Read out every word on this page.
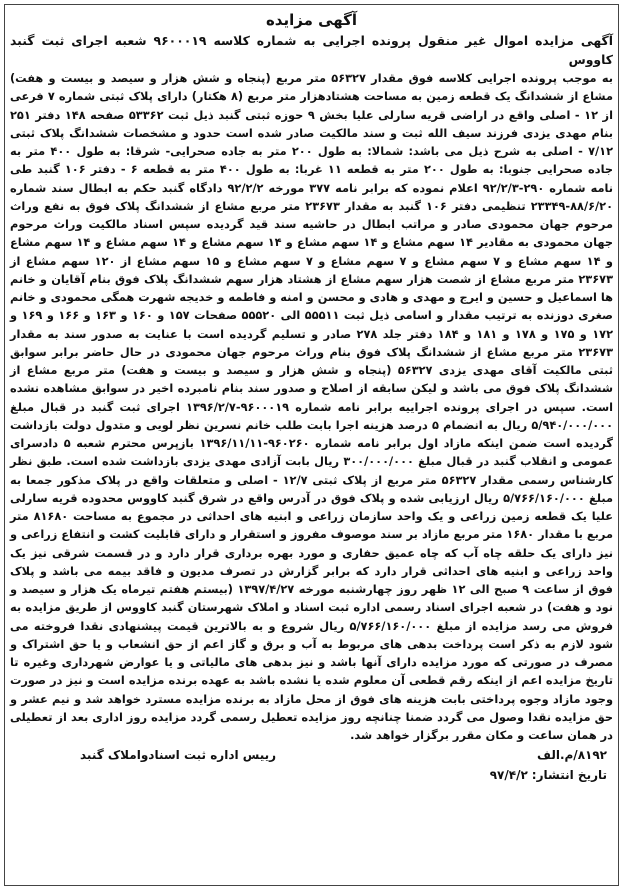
آگهی مزایده

آگهی مزایده اموال غیر منقول پرونده اجرایی به شماره کلاسه ۹۶۰۰۰۱۹ شعبه اجرای ثبت گنبد کاووس

به موجب پرونده اجرایی کلاسه فوق مقدار ۵۶۳۲۷ متر مربع (پنجاه و شش هزار و سیصد و بیست و هفت) مشاع از ششدانگ یک قطعه زمین به مساحت هشتادهزار متر مربع (۸ هکتار) دارای پلاک ثبتی شماره ۷ فرعی از ۱۲ - اصلی واقع در اراضی قریه سارلی علیا بخش ۹ حوزه ثبتی گنبد ذیل ثبت ۵۳۳۶۲ صفحه ۱۴۸ دفتر ۲۵۱ بنام مهدی یزدی فرزند سیف الله ثبت و سند مالکیت صادر شده است حدود و مشخصات ششدانگ پلاک ثبتی ۷/۱۲ - اصلی به شرح ذیل می باشد: شمالا: به طول ۲۰۰ متر به جاده صحرایی- شرقا: به طول ۴۰۰ متر به جاده صحرایی جنوبا: به طول ۲۰۰ متر به قطعه ۱۱ غربا: به طول ۴۰۰ متر به قطعه ۶ - دفتر ۱۰۶ گنبد طی نامه شماره ۲۹۰-۹۲/۲/۳ اعلام نموده که برابر نامه ۳۷۷ مورخه ۹۲/۲/۲ دادگاه گنبد حکم به ابطال سند شماره ۸۸/۶/۲۰-۲۳۳۴۹ تنظیمی دفتر ۱۰۶ گنبد به مقدار ۲۳۶۷۳ متر مربع مشاع از ششدانگ پلاک فوق به نفع وراث مرحوم جهان محمودی صادر و مراتب ابطال در حاشیه سند قید گردیده سپس اسناد مالکیت وراث مرحوم جهان محمودی به مقادیر ۱۴ سهم مشاع و ۱۴ سهم مشاع و ۱۴ سهم مشاع و ۱۴ سهم مشاع و ۱۴ سهم مشاع و ۱۴ سهم مشاع و ۷ سهم مشاع و ۷ سهم مشاع و ۷ سهم مشاع و ۱۵ سهم مشاع از ۱۲۰ سهم مشاع از ۲۳۶۷۳ متر مربع مشاع از شصت هزار سهم مشاع از هشتاد هزار سهم ششدانگ پلاک فوق بنام آقایان و خانم ها اسماعیل و حسین و ایرج و مهدی و هادی و محسن و امنه و فاطمه و خدیجه شهرت همگی محمودی و خانم صغری دوزنده به ترتیب مقدار و اسامی ذیل ثبت ۵۵۵۱۱ الی ۵۵۵۲۰ صفحات ۱۵۷ و ۱۶۰ و ۱۶۳ و ۱۶۶ و ۱۶۹ و ۱۷۲ و ۱۷۵ و ۱۷۸ و ۱۸۱ و ۱۸۴ دفتر جلد ۲۷۸ صادر و تسلیم گردیده است با عنایت به صدور سند به مقدار ۲۳۶۷۳ متر مربع مشاع از ششدانگ پلاک فوق بنام وراث مرحوم جهان محمودی در حال حاضر برابر سوابق ثبتی مالکیت آقای مهدی یزدی ۵۶۳۲۷ (پنجاه و شش هزار و سیصد و بیست و هفت) متر مربع مشاع از ششدانگ پلاک فوق می باشد و لیکن سابقه از اصلاح و صدور سند بنام نامبرده اخیر در سوابق مشاهده نشده است. سپس در اجرای پرونده اجراییه برابر نامه شماره ۹۶۰۰۰۱۹-۱۳۹۶/۲/۷ اجرای ثبت گنبد در قبال مبلغ ۵/۹۴۰/۰۰۰/۰۰۰ ریال به انضمام ۵ درصد هزینه اجرا بابت طلب خانم نسرین نظر لویی و متدول دولت بازداشت گردیده است ضمن اینکه مازاد اول برابر نامه شماره ۹۶۰۲۶۰-۱۳۹۶/۱۱/۱۱ بازپرس محترم شعبه ۵ دادسرای عمومی و انقلاب گنبد در قبال مبلغ ۳۰۰/۰۰۰/۰۰۰ ریال بابت آزادی مهدی یزدی بازداشت شده است. طبق نظر کارشناس رسمی مقدار ۵۶۳۲۷ متر مربع از پلاک ثبتی ۱۲/۷ - اصلی و متعلقات واقع در پلاک مذکور جمعا به مبلغ ۵/۷۶۶/۱۶۰/۰۰۰ ریال ارزیابی شده و پلاک فوق در آدرس واقع در شرق گنبد کاووس محدوده قریه سارلی علیا یک قطعه زمین زراعی و یک واحد سازمان زراعی و ابنیه های احداثی در مجموع به مساحت ۸۱۶۸۰ متر مربع با مقدار ۱۶۸۰ متر مربع مازاد بر سند موصوف مفروز و استقرار و دارای قابلیت کشت و انتفاع زراعی و نیز دارای یک حلقه چاه آب که چاه عمیق حفاری و مورد بهره برداری قرار دارد و در قسمت شرقی نیز یک واحد زراعی و ابنیه های احداثی قرار دارد که برابر گزارش در تصرف مدیون و فاقد بیمه می باشد و پلاک فوق از ساعت ۹ صبح الی ۱۲ ظهر روز چهارشنبه مورخه ۱۳۹۷/۴/۲۷ (بیستم هفتم تیرماه یک هزار و سیصد و نود و هفت) در شعبه اجرای اسناد رسمی اداره ثبت اسناد و املاک شهرستان گنبد کاووس از طریق مزایده به فروش می رسد مزایده از مبلغ ۵/۷۶۶/۱۶۰/۰۰۰ ریال شروع و به بالاترین قیمت پیشنهادی نقدا فروخته می شود لازم به ذکر است پرداخت بدهی های مربوط به آب و برق و گاز اعم از حق انشعاب و یا حق اشتراک و مصرف در صورتی که مورد مزایده دارای آنها باشد و نیز بدهی های مالیاتی و یا عوارض شهرداری وغیره تا تاریخ مزایده اعم از اینکه رقم قطعی آن معلوم شده یا نشده باشد به عهده برنده مزایده است و نیز در صورت وجود مازاد وجوه پرداختی بابت هزینه های فوق از محل مازاد به برنده مزایده مسترد خواهد شد و نیم عشر و حق مزایده نقدا وصول می گردد ضمنا چنانچه روز مزایده تعطیل رسمی گردد مزایده روز اداری بعد از تعطیلی در همان ساعت و مکان مقرر برگزار خواهد شد.

۸۱۹۲/م.الف
تاریخ انتشار:۹۷/۴/۲
رییس اداره ثبت اسنادواملاک گنبد
